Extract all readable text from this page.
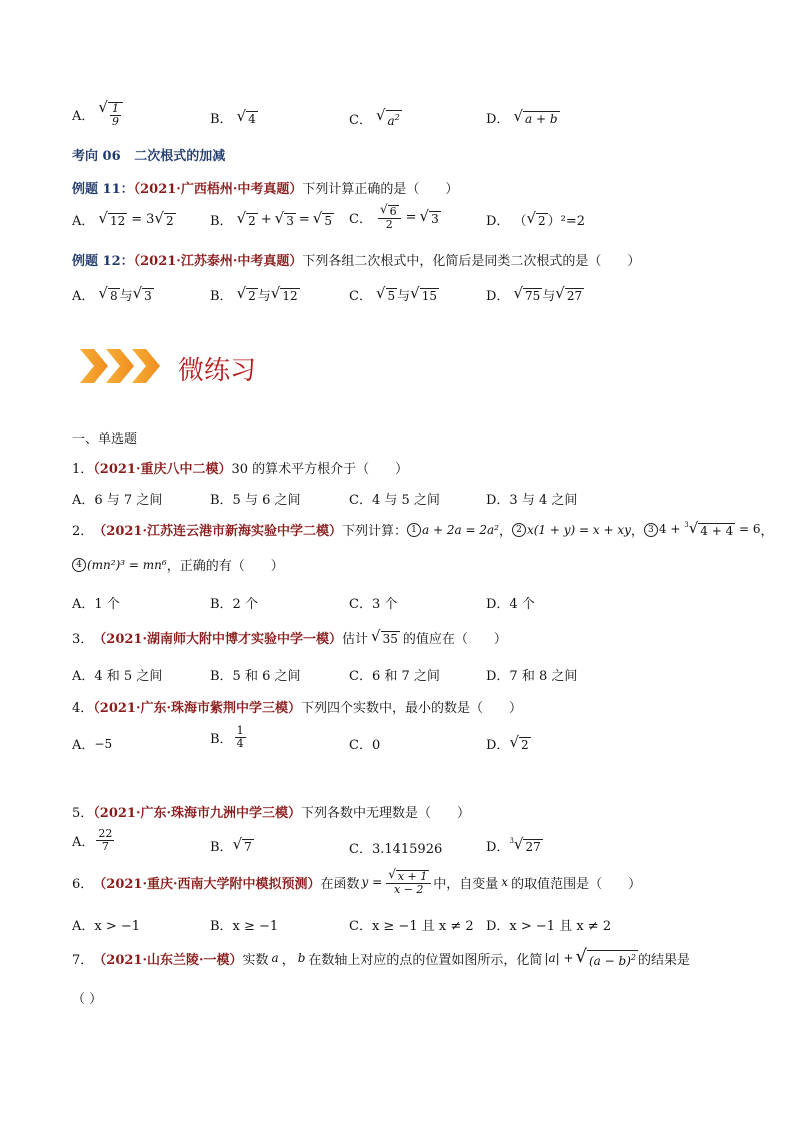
A． √ $\frac{1}{9}$	B． √ 4	C． √ $a^2$	D． √ a + b
考向 06 二次根式的加减
例题 11：（2021·广西梧州·中考真题）下列计算正确的是（　　）
A． √ 12 = 3 √ 2	B． √ 2 + √ 3 = √ 5 C． $\frac{√ 6}{2}$ = √ 3	D． （ √ 2 ）²=2
例题 12：（2021·江苏泰州·中考真题）下列各组二次根式中，化简后是同类二次根式的是（　　）
A． √ 8 与 √ 3	B． √ 2 与 √ 12	C． √ 5 与 √ 15	D． √ 75 与 √ 27
微练习
一、单选题
1．（2021·重庆八中二模）30 的算术平方根介于（　　）
A．6 与 7 之间	B．5 与 6 之间	C．4 与 5 之间	D．3 与 4 之间
2． （2021·江苏连云港市新海实验中学二模） 下列计算： 1 a + 2a = 2a² ， 2 x(1 + y) = x + xy ， 3 4 + $^3$√ 4 + 4 = 6 ，
4 (mn²)³ = mn⁶ ，正确的有（　　）
A．1 个	B．2 个	C．3 个	D．4 个
3． （2021·湖南师大附中博才实验中学一模） 估计 √ 35 的值应在（　　）
A．4 和 5 之间	B．5 和 6 之间	C．6 和 7 之间	D．7 和 8 之间
4．（2021·广东·珠海市紫荆中学三模）下列四个实数中，最小的数是（　　）
A． −5	B． $\frac{1}{4}$	C．0	D． √ 2
5．（2021·广东·珠海市九洲中学三模）下列各数中无理数是（　　）
A． $\frac{22}{7}$	B． √ 7	C．3.1415926	D． $^3$√ 27
6． （2021·重庆·西南大学附中模拟预测） 在函数 $y = \frac{√ x + 1}{x - 2}$ 中，自变量 x 的取值范围是（　　）
A．x > −1	B．x ≥ −1	C．x ≥ −1 且 x ≠ 2 D．x > −1 且 x ≠ 2
7． （2021·山东兰陵·一模） 实数 a ， b 在数轴上对应的点的位置如图所示，化简 |a| + √ $(a - b)^2$ 的结果是
（ ）
